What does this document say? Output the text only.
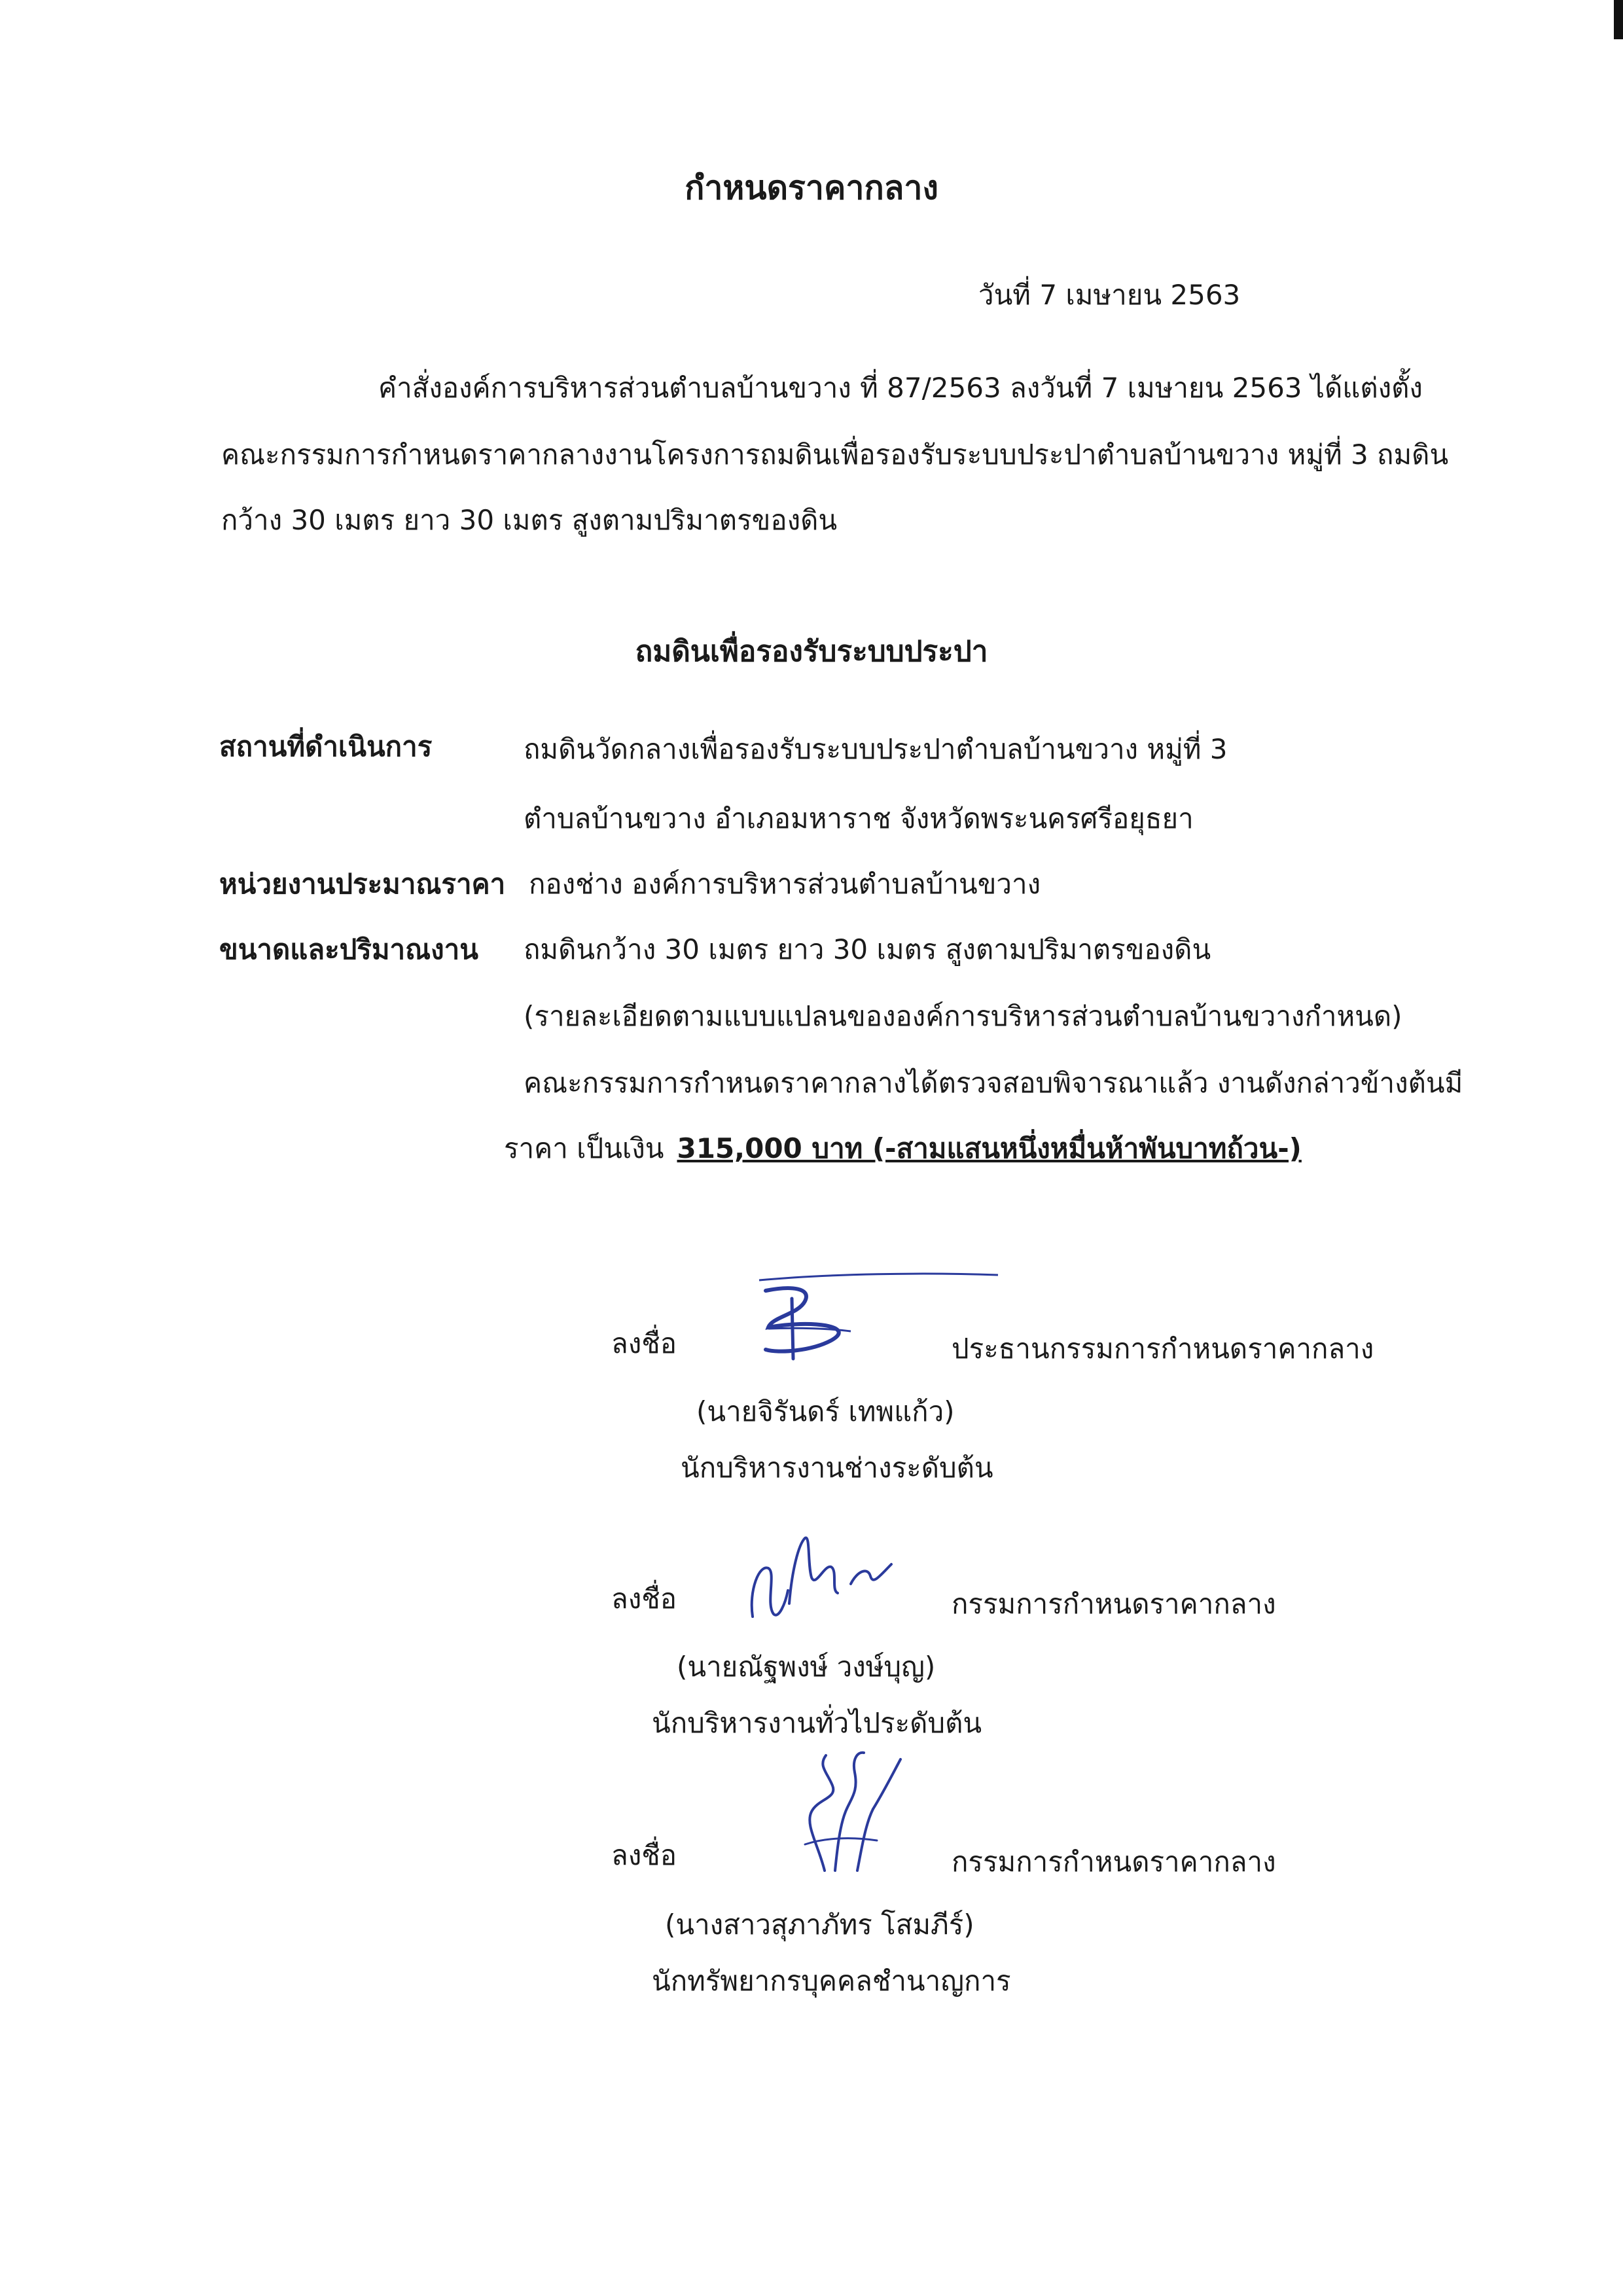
กำหนดราคากลาง
วันที่ 7 เมษายน 2563
คำสั่งองค์การบริหารส่วนตำบลบ้านขวาง ที่ 87/2563 ลงวันที่ 7 เมษายน 2563 ได้แต่งตั้ง
คณะกรรมการกำหนดราคากลางงานโครงการถมดินเพื่อรองรับระบบประปาตำบลบ้านขวาง หมู่ที่ 3 ถมดิน
กว้าง 30 เมตร ยาว 30 เมตร สูงตามปริมาตรของดิน
ถมดินเพื่อรองรับระบบประปา
สถานที่ดำเนินการ	ถมดินวัดกลางเพื่อรองรับระบบประปาตำบลบ้านขวาง หมู่ที่ 3
ตำบลบ้านขวาง อำเภอมหาราช จังหวัดพระนครศรีอยุธยา
หน่วยงานประมาณราคา กองช่าง องค์การบริหารส่วนตำบลบ้านขวาง
ขนาดและปริมาณงาน ถมดินกว้าง 30 เมตร ยาว 30 เมตร สูงตามปริมาตรของดิน
(รายละเอียดตามแบบแปลนขององค์การบริหารส่วนตำบลบ้านขวางกำหนด)
คณะกรรมการกำหนดราคากลางได้ตรวจสอบพิจารณาแล้ว งานดังกล่าวข้างต้นมี
ราคา เป็นเงิน 315,000 บาท (-สามแสนหนึ่งหมื่นห้าพันบาทถ้วน-)
ลงชื่อ	ประธานกรรมการกำหนดราคากลาง
(นายจิรันดร์ เทพแก้ว)
นักบริหารงานช่างระดับต้น
ลงชื่อ	กรรมการกำหนดราคากลาง
(นายณัฐพงษ์ วงษ์บุญ)
นักบริหารงานทั่วไประดับต้น
ลงชื่อ	กรรมการกำหนดราคากลาง
(นางสาวสุภาภัทร โสมภีร์)
นักทรัพยากรบุคคลชำนาญการ
